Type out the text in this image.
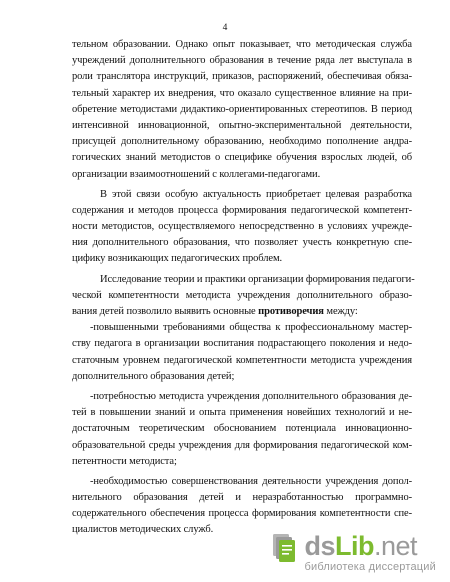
4
тельном образовании. Однако опыт показывает, что методическая служба
учреждений дополнительного образования в течение ряда лет выступала в
роли транслятора инструкций, приказов, распоряжений, обеспечивая обяза-
тельный характер их внедрения, что оказало существенное влияние на при-
обретение методистами дидактико-ориентированных стереотипов. В период
интенсивной инновационной, опытно-экспериментальной деятельности,
присущей дополнительному образованию, необходимо пополнение андра-
гогических знаний методистов о специфике обучения взрослых людей, об
организации взаимоотношений с коллегами-педагогами.
В этой связи особую актуальность приобретает целевая разработка
содержания и методов процесса формирования педагогической компетент-
ности методистов, осуществляемого непосредственно в условиях учрежде-
ния дополнительного образования, что позволяет учесть конкретную спе-
цифику возникающих педагогических проблем.
Исследование теории и практики организации формирования педагоги-
ческой компетентности методиста учреждения дополнительного образо-
вания детей позволило выявить основные противоречия между:
-повышенными требованиями общества к профессиональному мастер-
ству педагога в организации воспитания подрастающего поколения и недо-
статочным уровнем педагогической компетентности методиста учреждения
дополнительного образования детей;
-потребностью методиста учреждения дополнительного образования де-
тей в повышении знаний и опыта применения новейших технологий и не-
достаточным теоретическим обоснованием потенциала инновационно-
образовательной среды учреждения для формирования педагогической ком-
петентности методиста;
-необходимостью совершенствования деятельности учреждения допол-
нительного образования детей и неразработанностью программно-
содержательного обеспечения процесса формирования компетентности спе-
циалистов методических служб.
dsLib.net
библиотека диссертаций
